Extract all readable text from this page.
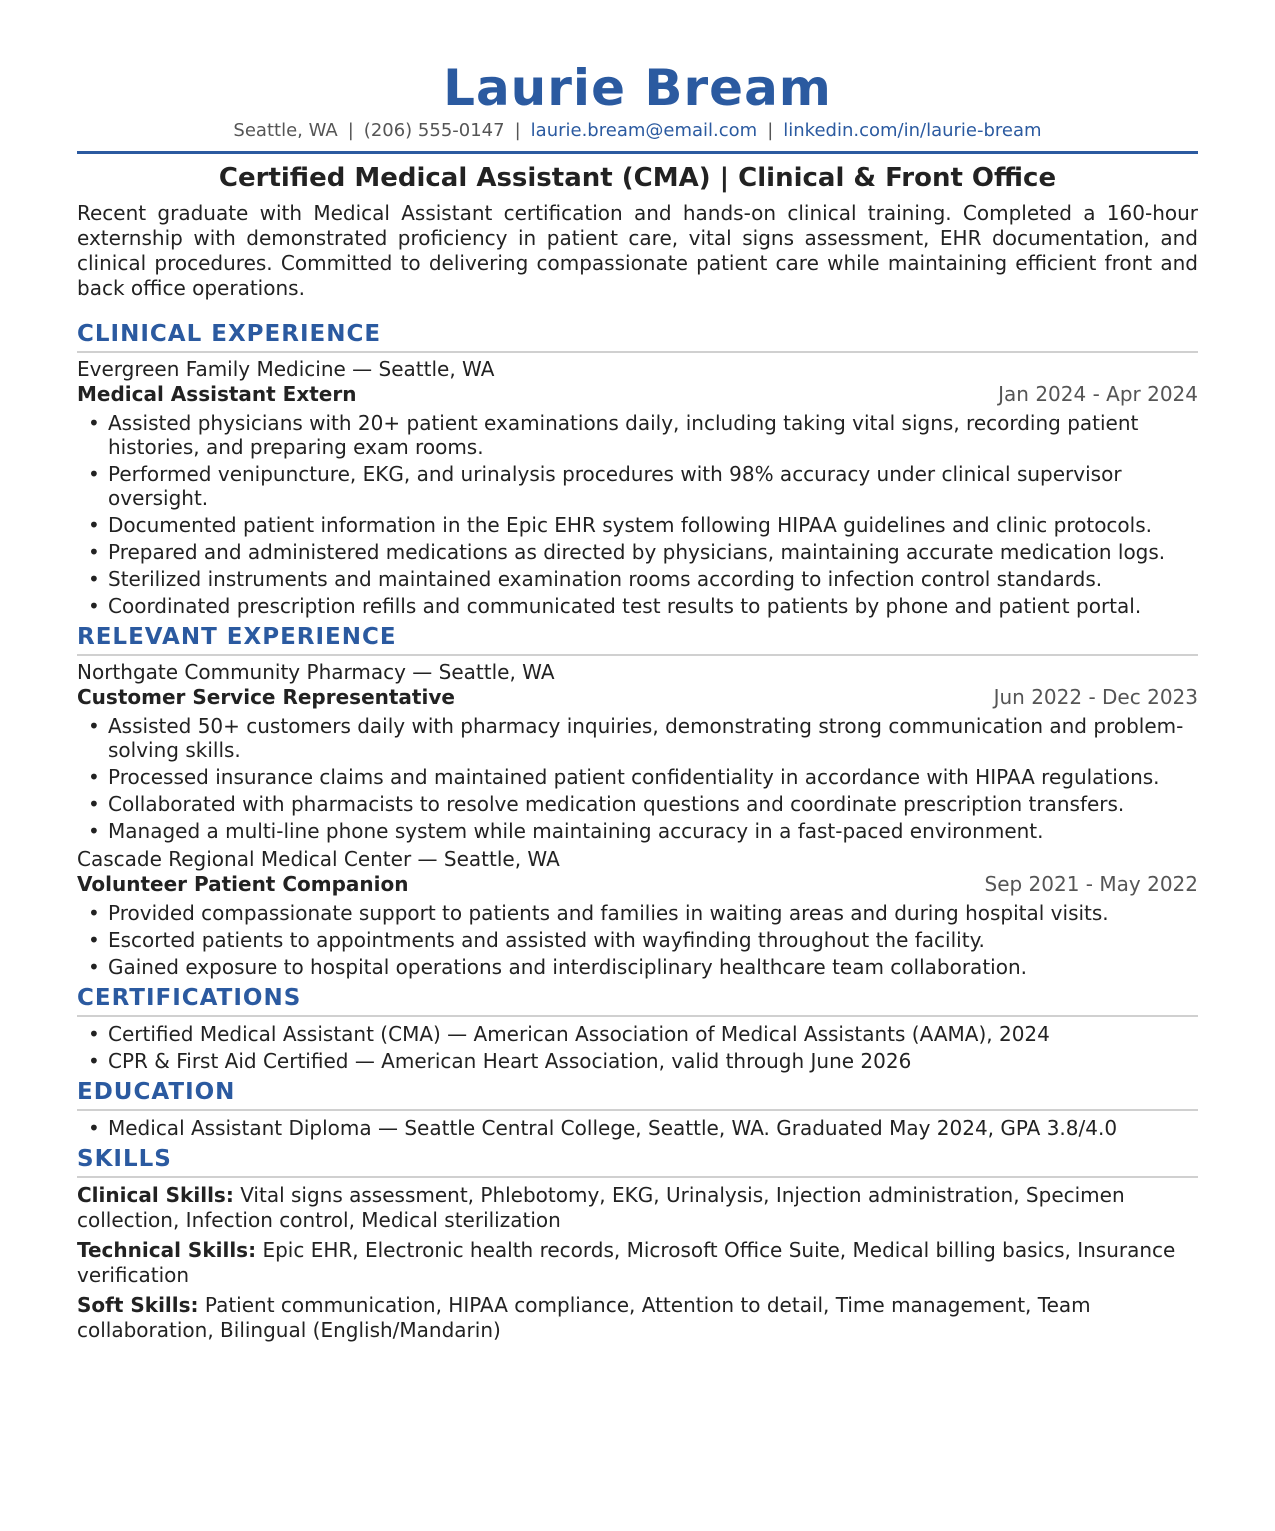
Laurie Bream
Seattle, WA | (206) 555-0147 | laurie.bream@email.com | linkedin.com/in/laurie-bream
Certified Medical Assistant (CMA) | Clinical & Front Office
Recent graduate with Medical Assistant certification and hands-on clinical training. Completed a 160-hour externship with demonstrated proficiency in patient care, vital signs assessment, EHR documentation, and clinical procedures. Committed to delivering compassionate patient care while maintaining efficient front and back office operations.
CLINICAL EXPERIENCE
Evergreen Family Medicine — Seattle, WA
Medical Assistant Extern	Jan 2024 - Apr 2024
• Assisted physicians with 20+ patient examinations daily, including taking vital signs, recording patient histories, and preparing exam rooms.
• Performed venipuncture, EKG, and urinalysis procedures with 98% accuracy under clinical supervisor oversight.
• Documented patient information in the Epic EHR system following HIPAA guidelines and clinic protocols.
• Prepared and administered medications as directed by physicians, maintaining accurate medication logs.
• Sterilized instruments and maintained examination rooms according to infection control standards.
• Coordinated prescription refills and communicated test results to patients by phone and patient portal.
RELEVANT EXPERIENCE
Northgate Community Pharmacy — Seattle, WA
Customer Service Representative	Jun 2022 - Dec 2023
• Assisted 50+ customers daily with pharmacy inquiries, demonstrating strong communication and problem-solving skills.
• Processed insurance claims and maintained patient confidentiality in accordance with HIPAA regulations.
• Collaborated with pharmacists to resolve medication questions and coordinate prescription transfers.
• Managed a multi-line phone system while maintaining accuracy in a fast-paced environment.
Cascade Regional Medical Center — Seattle, WA
Volunteer Patient Companion	Sep 2021 - May 2022
• Provided compassionate support to patients and families in waiting areas and during hospital visits.
• Escorted patients to appointments and assisted with wayfinding throughout the facility.
• Gained exposure to hospital operations and interdisciplinary healthcare team collaboration.
CERTIFICATIONS
• Certified Medical Assistant (CMA) — American Association of Medical Assistants (AAMA), 2024
• CPR & First Aid Certified — American Heart Association, valid through June 2026
EDUCATION
• Medical Assistant Diploma — Seattle Central College, Seattle, WA. Graduated May 2024, GPA 3.8/4.0
SKILLS
Clinical Skills: Vital signs assessment, Phlebotomy, EKG, Urinalysis, Injection administration, Specimen collection, Infection control, Medical sterilization
Technical Skills: Epic EHR, Electronic health records, Microsoft Office Suite, Medical billing basics, Insurance verification
Soft Skills: Patient communication, HIPAA compliance, Attention to detail, Time management, Team collaboration, Bilingual (English/Mandarin)
